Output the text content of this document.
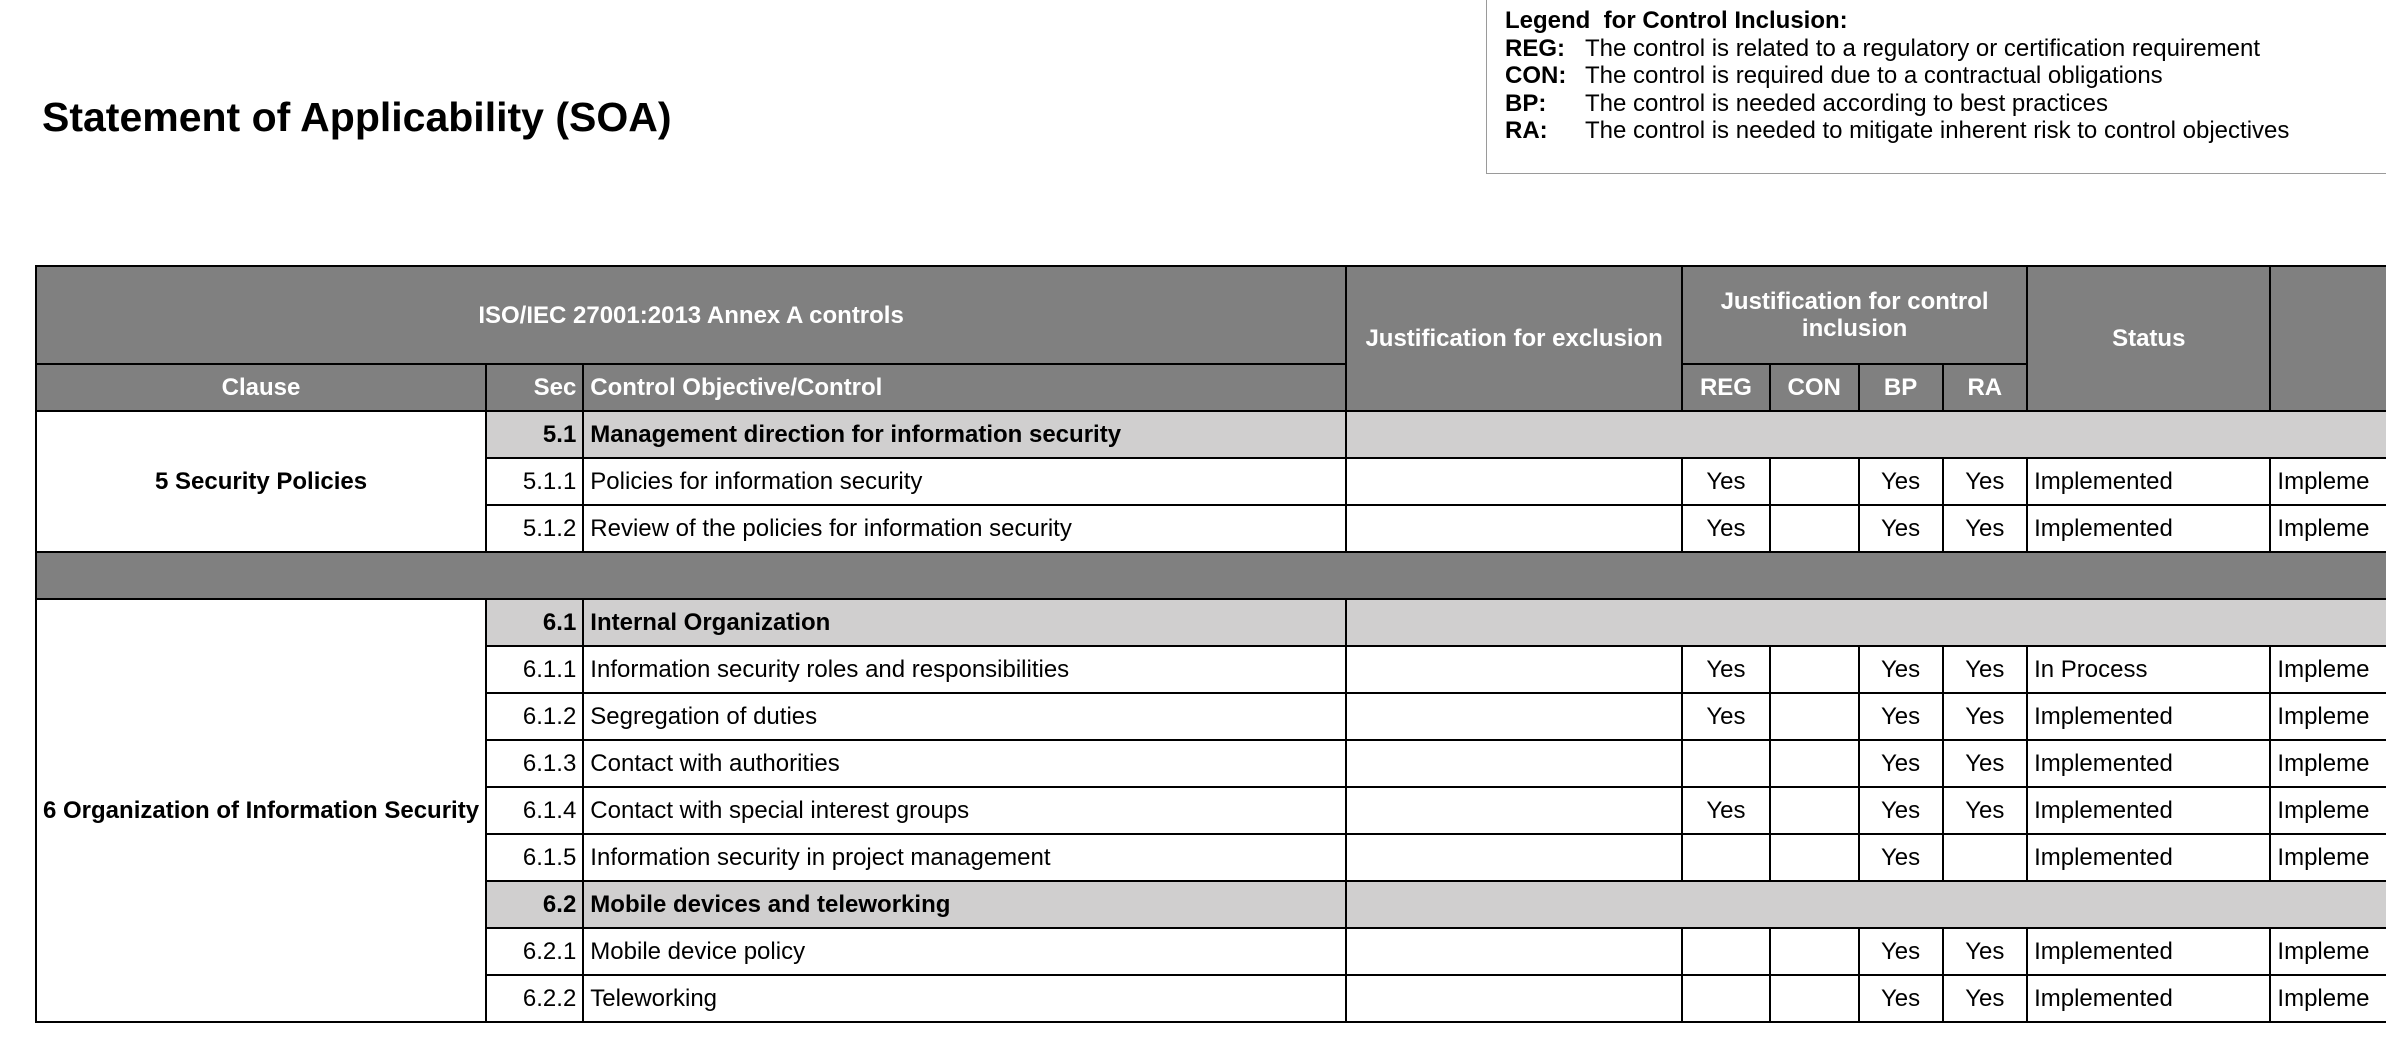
Statement of Applicability (SOA)
Legend  for Control Inclusion:
REG: The control is related to a regulatory or certification requirement
CON: The control is required due to a contractual obligations
BP:	The control is needed according to best practices
RA:	The control is needed to mitigate inherent risk to control objectives
ISO/IEC 27001:2013 Annex A controls			Justification for exclusion	Justification for control inclusion				Status	
Clause	Sec	Control Objective/Control		REG	CON	BP	RA		
5 Security Policies	5.1	Management direction for information security							
	5.1.1	Policies for information security		Yes		Yes	Yes	Implemented	Impleme
	5.1.2	Review of the policies for information security		Yes		Yes	Yes	Implemented	Impleme

6 Organization of Information Security	6.1	Internal Organization							
	6.1.1	Information security roles and responsibilities		Yes		Yes	Yes	In Process	Impleme
	6.1.2	Segregation of duties		Yes		Yes	Yes	Implemented	Impleme
	6.1.3	Contact with authorities				Yes	Yes	Implemented	Impleme
	6.1.4	Contact with special interest groups		Yes		Yes	Yes	Implemented	Impleme
	6.1.5	Information security in project management				Yes		Implemented	Impleme
	6.2	Mobile devices and teleworking							
	6.2.1	Mobile device policy				Yes	Yes	Implemented	Impleme
	6.2.2	Teleworking				Yes	Yes	Implemented	Impleme
